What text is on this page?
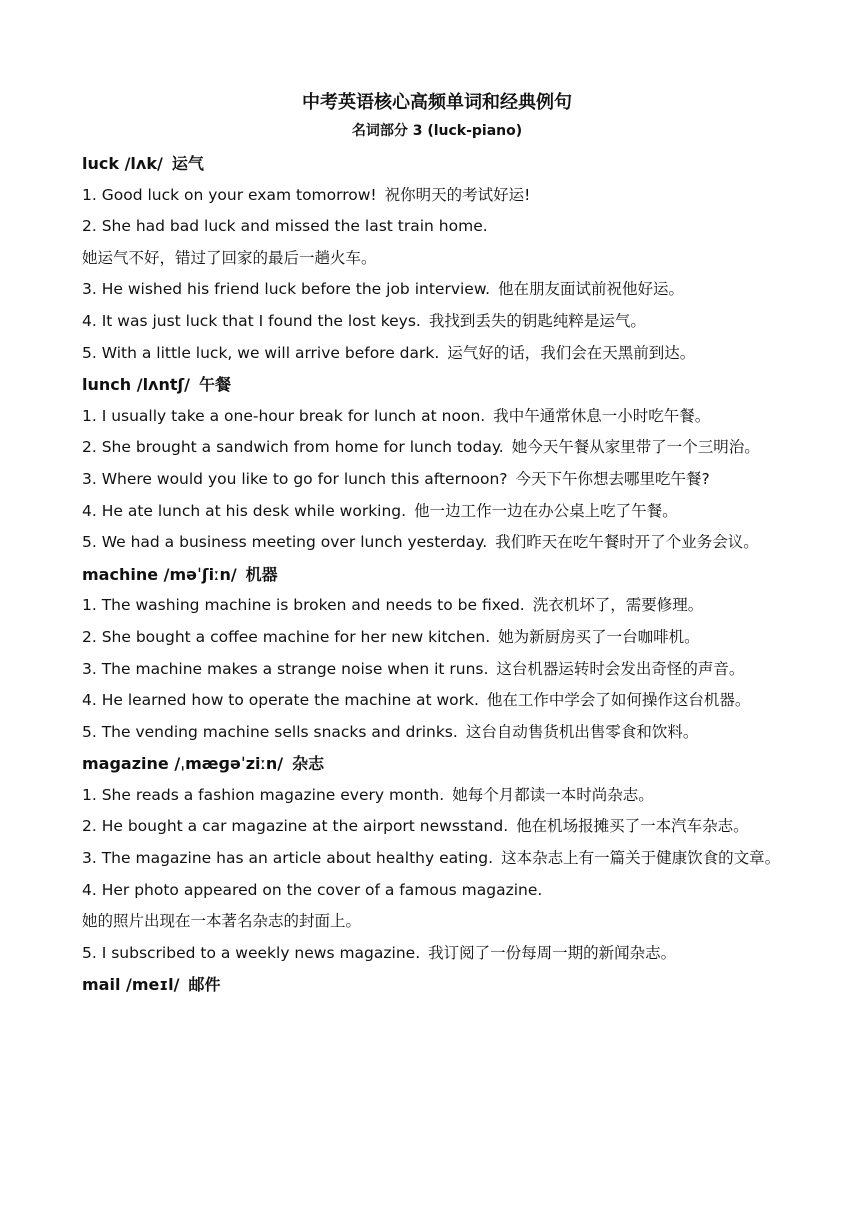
中考英语核心高频单词和经典例句
名词部分 3 (luck-piano)

luck /lʌk/ 运气

1. Good luck on your exam tomorrow! 祝你明天的考试好运!

2. She had bad luck and missed the last train home.

她运气不好，错过了回家的最后一趟火车。

3. He wished his friend luck before the job interview. 他在朋友面试前祝他好运。

4. It was just luck that I found the lost keys. 我找到丢失的钥匙纯粹是运气。

5. With a little luck, we will arrive before dark. 运气好的话，我们会在天黑前到达。

lunch /lʌntʃ/ 午餐

1. I usually take a one-hour break for lunch at noon. 我中午通常休息一小时吃午餐。

2. She brought a sandwich from home for lunch today. 她今天午餐从家里带了一个三明治。

3. Where would you like to go for lunch this afternoon? 今天下午你想去哪里吃午餐?

4. He ate lunch at his desk while working. 他一边工作一边在办公桌上吃了午餐。

5. We had a business meeting over lunch yesterday. 我们昨天在吃午餐时开了个业务会议。

machine /məˈʃiːn/ 机器

1. The washing machine is broken and needs to be fixed. 洗衣机坏了，需要修理。

2. She bought a coffee machine for her new kitchen. 她为新厨房买了一台咖啡机。

3. The machine makes a strange noise when it runs. 这台机器运转时会发出奇怪的声音。

4. He learned how to operate the machine at work. 他在工作中学会了如何操作这台机器。

5. The vending machine sells snacks and drinks. 这台自动售货机出售零食和饮料。

magazine /ˌmæɡəˈziːn/ 杂志

1. She reads a fashion magazine every month. 她每个月都读一本时尚杂志。

2. He bought a car magazine at the airport newsstand. 他在机场报摊买了一本汽车杂志。

3. The magazine has an article about healthy eating. 这本杂志上有一篇关于健康饮食的文章。

4. Her photo appeared on the cover of a famous magazine.

她的照片出现在一本著名杂志的封面上。

5. I subscribed to a weekly news magazine. 我订阅了一份每周一期的新闻杂志。

mail /meɪl/ 邮件
